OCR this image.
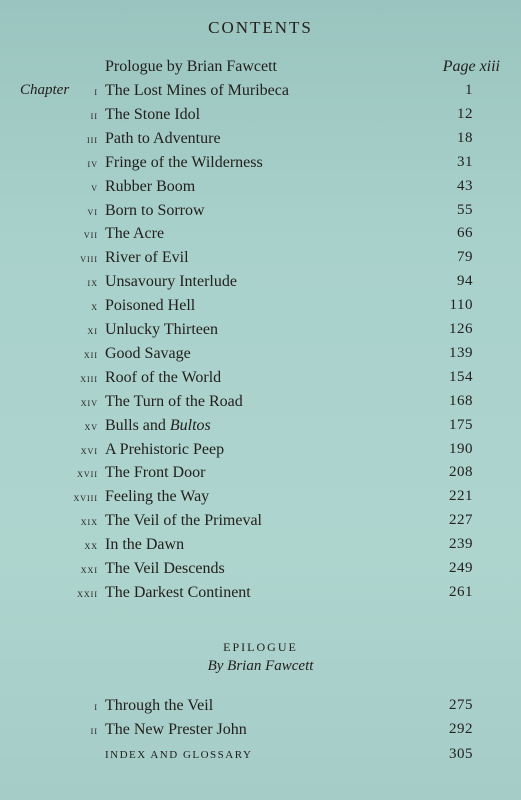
CONTENTS
Page xiii
Prologue by Brian Fawcett
Chapter i The Lost Mines of Muribeca	1
ii The Stone Idol	12
iii Path to Adventure	18
iv Fringe of the Wilderness	31
v Rubber Boom	43
vi Born to Sorrow	55
vii The Acre	66
viii River of Evil	79
ix Unsavoury Interlude	94
x Poisoned Hell	110
xi Unlucky Thirteen	126
xii Good Savage	139
xiii Roof of the World	154
xiv The Turn of the Road	168
xv Bulls and Bultos	175
xvi A Prehistoric Peep	190
xvii The Front Door	208
xviii Feeling the Way	221
xix The Veil of the Primeval	227
xx In the Dawn	239
xxi The Veil Descends	249
xxii The Darkest Continent	261
EPILOGUE
By Brian Fawcett
i Through the Veil	275
ii The New Prester John	292
INDEX AND GLOSSARY	305
